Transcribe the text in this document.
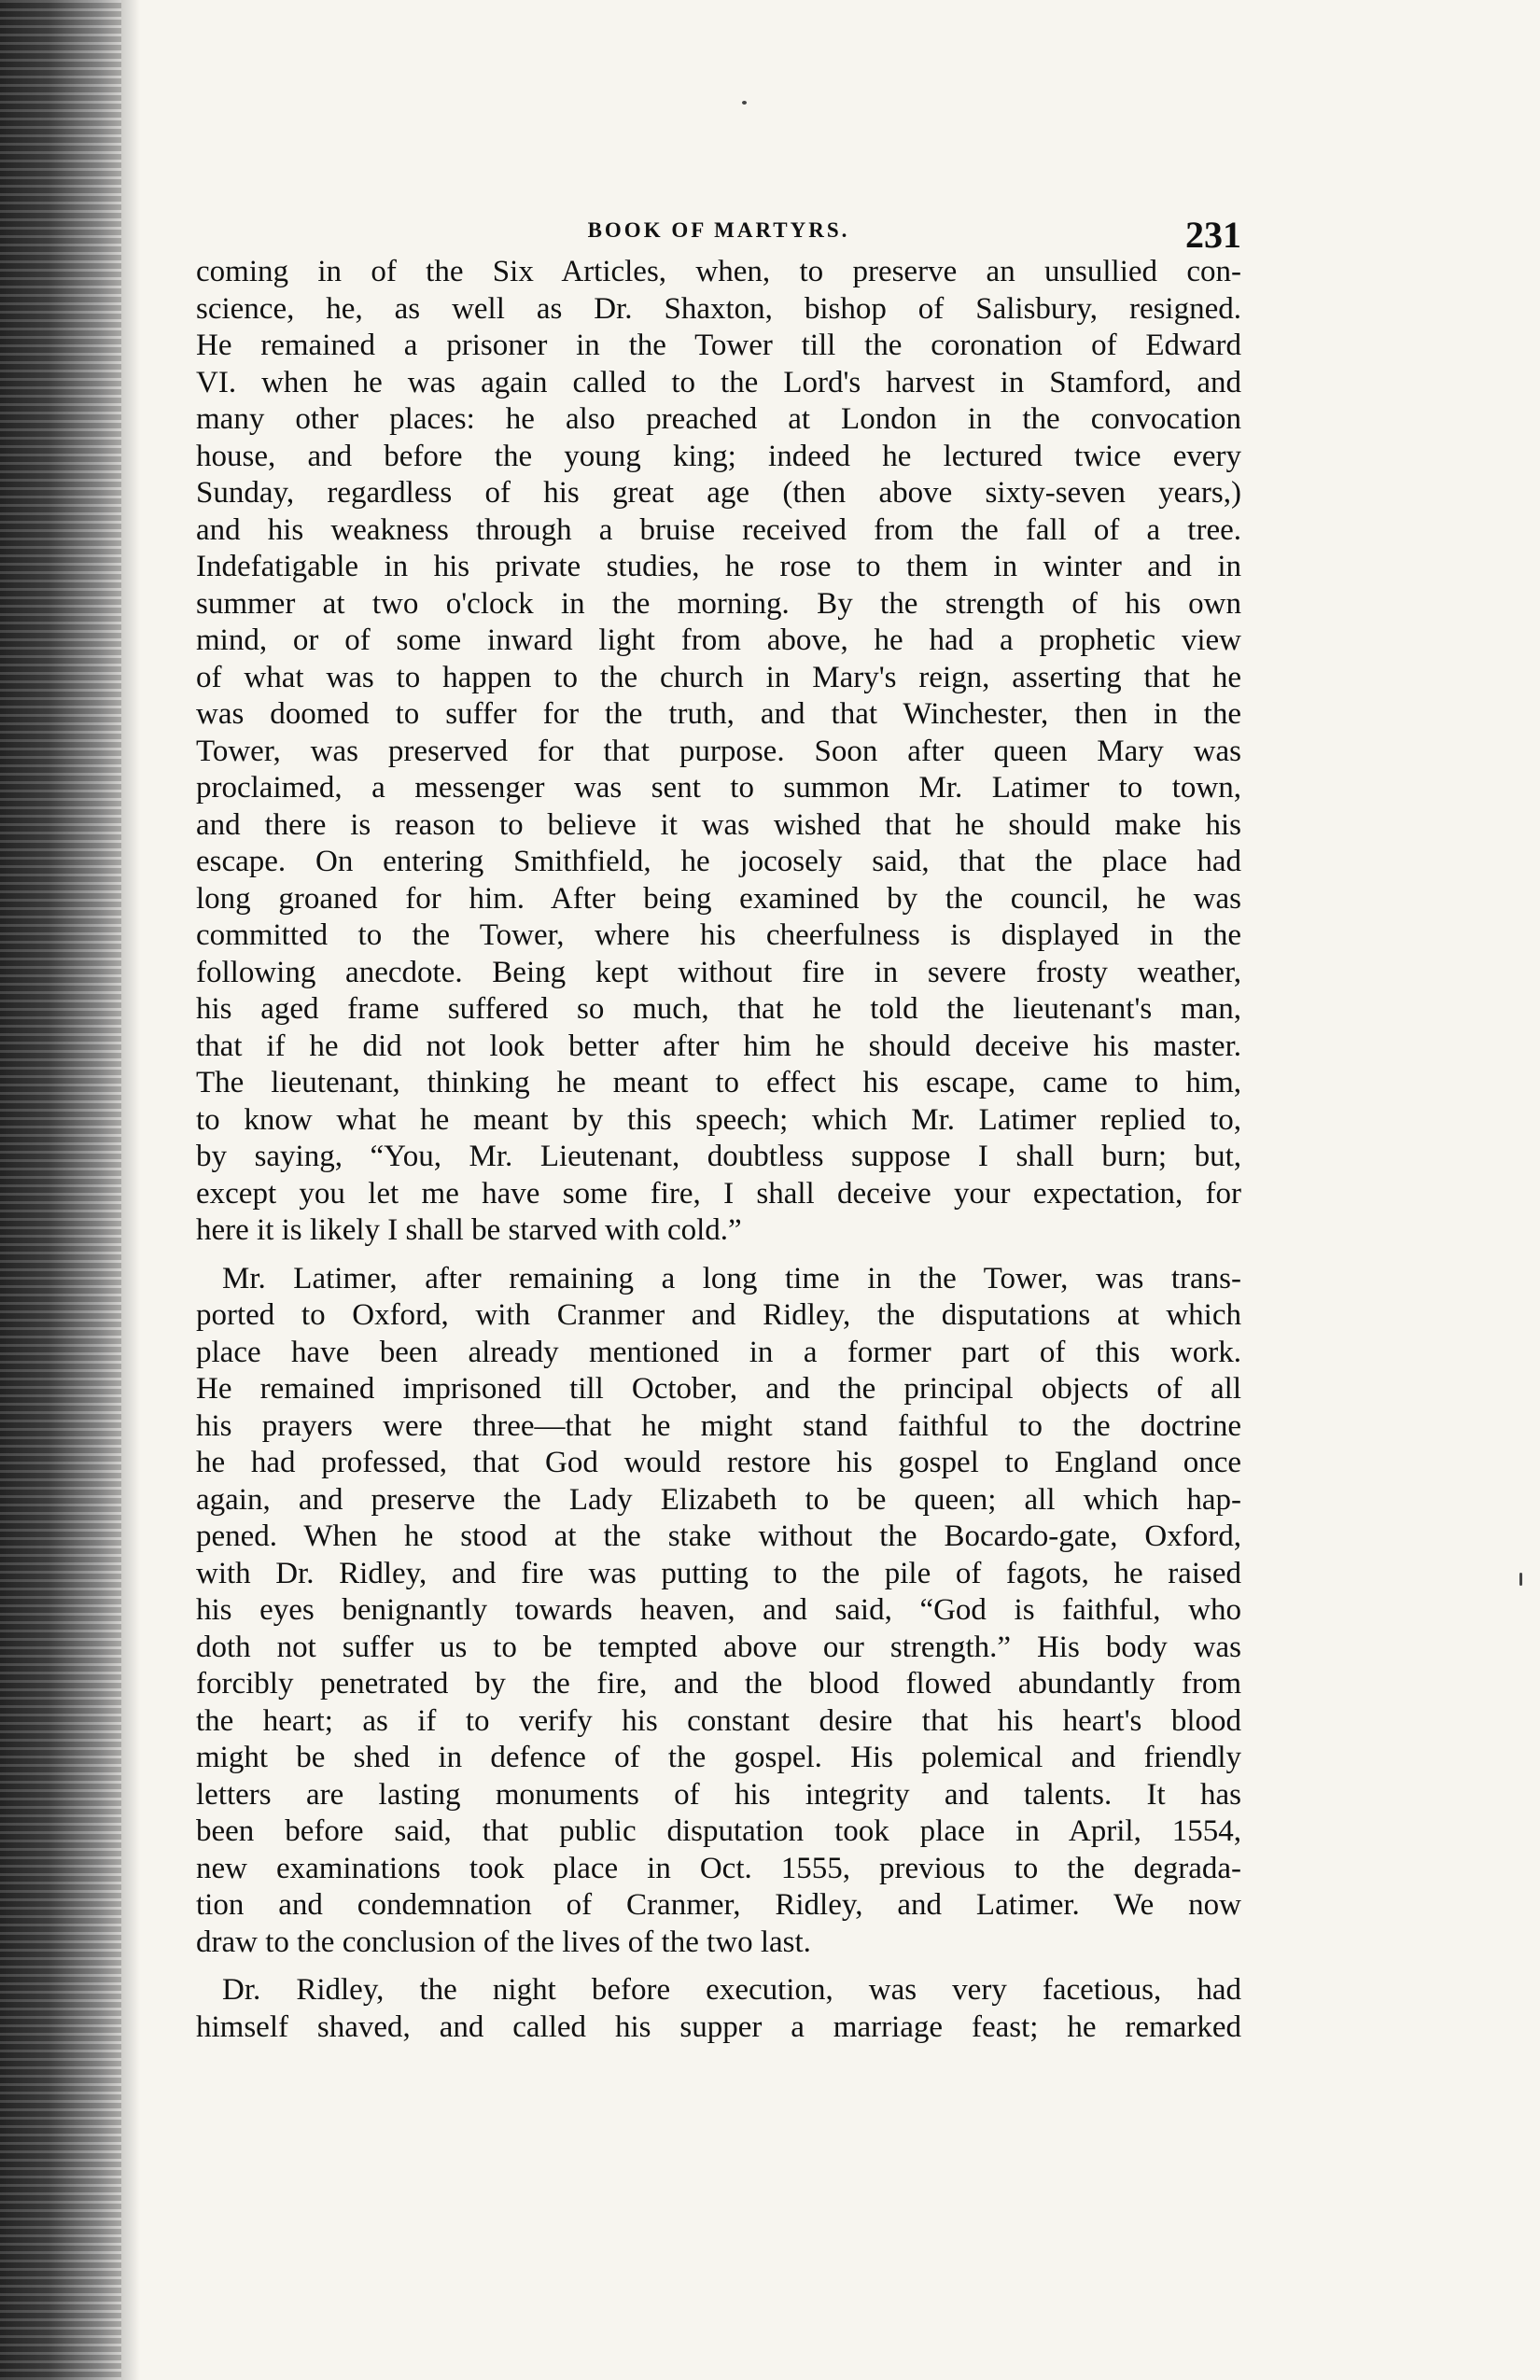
BOOK OF MARTYRS.	231
coming in of the Six Articles, when, to preserve an unsullied con-
science, he, as well as Dr. Shaxton, bishop of Salisbury, resigned.
He remained a prisoner in the Tower till the coronation of Edward
VI. when he was again called to the Lord's harvest in Stamford, and
many other places: he also preached at London in the convocation
house, and before the young king; indeed he lectured twice every
Sunday, regardless of his great age (then above sixty-seven years,)
and his weakness through a bruise received from the fall of a tree.
Indefatigable in his private studies, he rose to them in winter and in
summer at two o'clock in the morning. By the strength of his own
mind, or of some inward light from above, he had a prophetic view
of what was to happen to the church in Mary's reign, asserting that he
was doomed to suffer for the truth, and that Winchester, then in the
Tower, was preserved for that purpose. Soon after queen Mary was
proclaimed, a messenger was sent to summon Mr. Latimer to town,
and there is reason to believe it was wished that he should make his
escape. On entering Smithfield, he jocosely said, that the place had
long groaned for him. After being examined by the council, he was
committed to the Tower, where his cheerfulness is displayed in the
following anecdote. Being kept without fire in severe frosty weather,
his aged frame suffered so much, that he told the lieutenant's man,
that if he did not look better after him he should deceive his master.
The lieutenant, thinking he meant to effect his escape, came to him,
to know what he meant by this speech; which Mr. Latimer replied to,
by saying, “You, Mr. Lieutenant, doubtless suppose I shall burn; but,
except you let me have some fire, I shall deceive your expectation, for
here it is likely I shall be starved with cold.”
Mr. Latimer, after remaining a long time in the Tower, was trans-
ported to Oxford, with Cranmer and Ridley, the disputations at which
place have been already mentioned in a former part of this work.
He remained imprisoned till October, and the principal objects of all
his prayers were three—that he might stand faithful to the doctrine
he had professed, that God would restore his gospel to England once
again, and preserve the Lady Elizabeth to be queen; all which hap-
pened. When he stood at the stake without the Bocardo-gate, Oxford,
with Dr. Ridley, and fire was putting to the pile of fagots, he raised
his eyes benignantly towards heaven, and said, “God is faithful, who
doth not suffer us to be tempted above our strength.” His body was
forcibly penetrated by the fire, and the blood flowed abundantly from
the heart; as if to verify his constant desire that his heart's blood
might be shed in defence of the gospel. His polemical and friendly
letters are lasting monuments of his integrity and talents. It has
been before said, that public disputation took place in April, 1554,
new examinations took place in Oct. 1555, previous to the degrada-
tion and condemnation of Cranmer, Ridley, and Latimer. We now
draw to the conclusion of the lives of the two last.
Dr. Ridley, the night before execution, was very facetious, had
himself shaved, and called his supper a marriage feast; he remarked
